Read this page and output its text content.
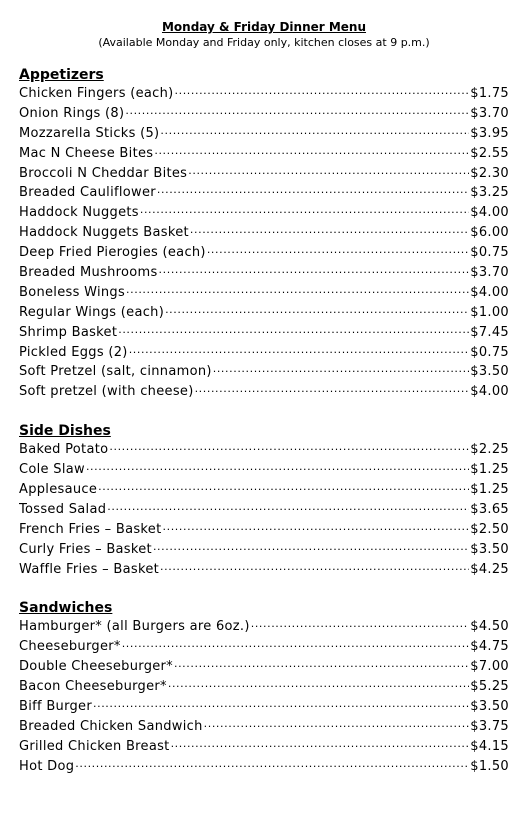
Monday & Friday Dinner Menu
(Available Monday and Friday only, kitchen closes at 9 p.m.)
Appetizers
Chicken Fingers (each) .....	$1.75
Onion Rings (8) .....	$3.70
Mozzarella Sticks (5) .....	$3.95
Mac N Cheese Bites .....	$2.55
Broccoli N Cheddar Bites .....	$2.30
Breaded Cauliflower .....	$3.25
Haddock Nuggets .....	$4.00
Haddock Nuggets Basket .....	$6.00
Deep Fried Pierogies (each) .....	$0.75
Breaded Mushrooms .....	$3.70
Boneless Wings .....	$4.00
Regular Wings (each) .....	$1.00
Shrimp Basket .....	$7.45
Pickled Eggs (2) .....	$0.75
Soft Pretzel (salt, cinnamon) .....	$3.50
Soft pretzel (with cheese) .....	$4.00
Side Dishes
Baked Potato .....	$2.25
Cole Slaw .....	$1.25
Applesauce .....	$1.25
Tossed Salad .....	$3.65
French Fries – Basket .....	$2.50
Curly Fries – Basket .....	$3.50
Waffle Fries – Basket .....	$4.25
Sandwiches
Hamburger* (all Burgers are 6oz.) .....	$4.50
Cheeseburger* .....	$4.75
Double Cheeseburger* .....	$7.00
Bacon Cheeseburger* .....	$5.25
Biff Burger .....	$3.50
Breaded Chicken Sandwich .....	$3.75
Grilled Chicken Breast .....	$4.15
Hot Dog .....	$1.50
